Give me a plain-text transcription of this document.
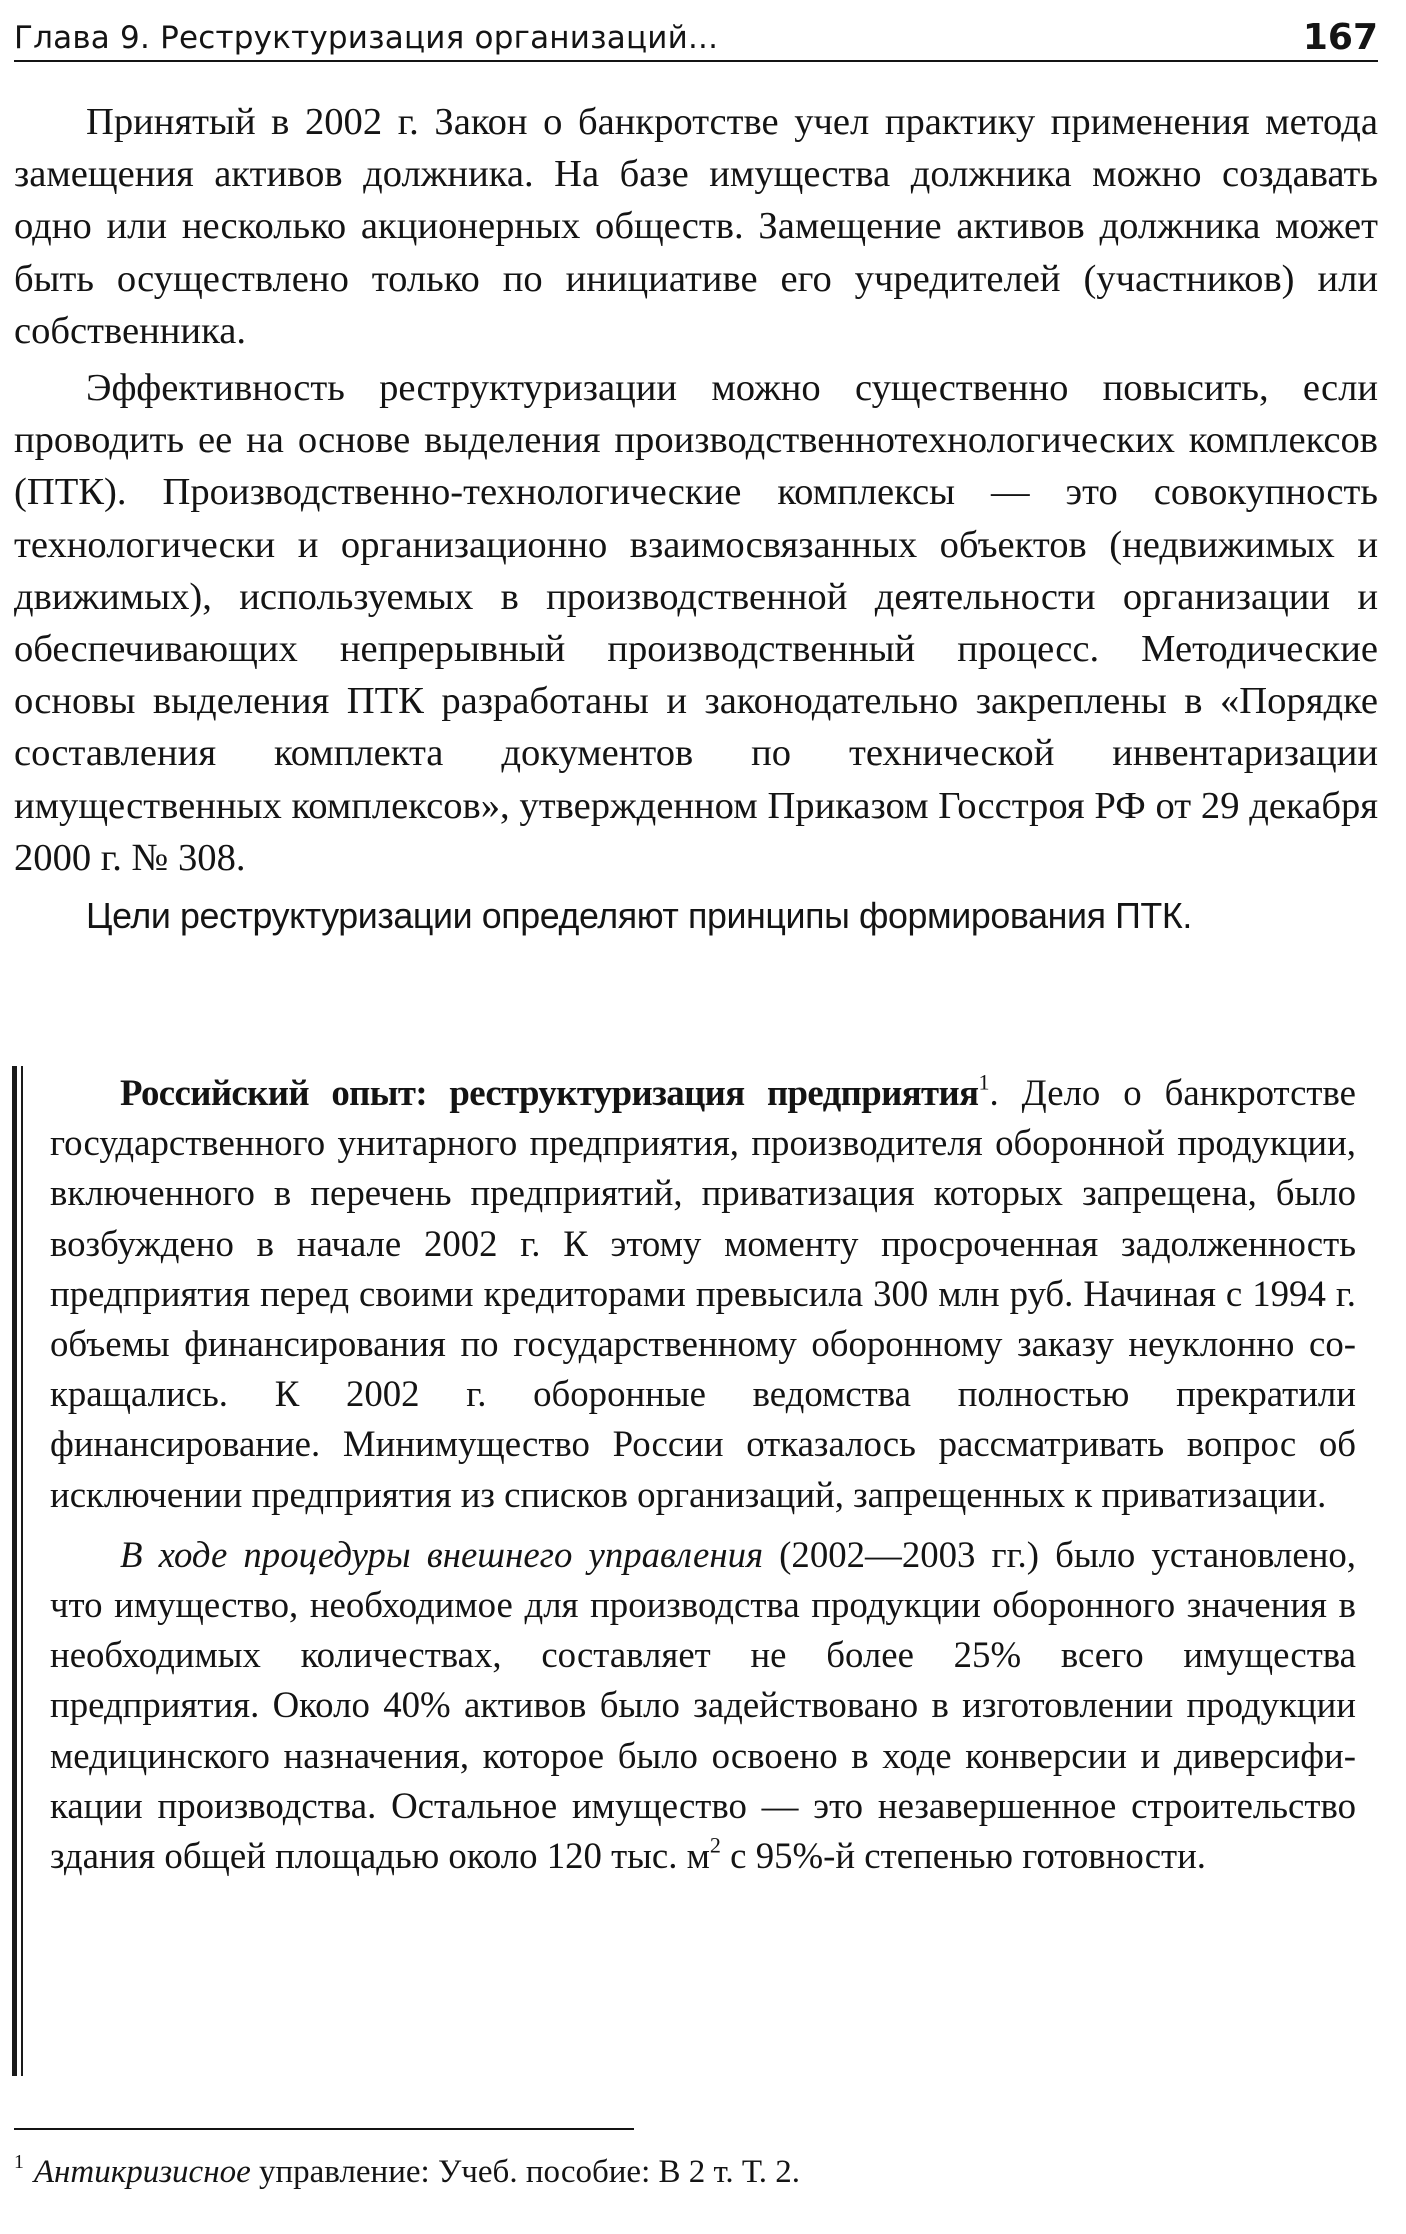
Глава 9. Реструктуризация организаций...	167

Принятый в 2002 г. Закон о банкротстве учел практику применения метода замещения активов должника. На базе имущества должника можно создавать одно или несколько акционерных обществ. Замещение активов должника может быть осуществлено только по инициативе его учредителей (участников) или собственника.

Эффективность реструктуризации можно существенно повысить, если проводить ее на основе выделения производственнотехнологических комплексов (ПТК). Производственно-технологические комплексы — это совокупность технологически и организационно взаимосвязанных объектов (недвижимых и движимых), используемых в производственной деятельности организации и обеспечивающих непрерывный производственный процесс. Методические основы выделения ПТК разработаны и законодательно закреплены в «Порядке составления комплекта документов по технической инвентаризации имущественных комплексов», утвержденном Приказом Госстроя РФ от 29 декабря 2000 г. № 308.

Цели реструктуризации определяют принципы формирования ПТК.

Российский опыт: реструктуризация предприятия$^1$. Дело о банкротстве государственного унитарного предприятия, производителя оборонной продукции, включенного в перечень предприятий, приватизация которых запрещена, было возбуждено в начале 2002 г. К этому моменту просроченная задолженность предприятия перед своими кредиторами превысила 300 млн руб. Начиная с 1994 г. объемы финансирования по государственному оборонному заказу неуклонно сокращались. К 2002 г. оборонные ведомства полностью прекратили финансирование. Минимущество России отказалось рассматривать вопрос об исключении предприятия из списков организаций, запрещенных к приватизации.

В ходе процедуры внешнего управления (2002—2003 гг.) было установлено, что имущество, необходимое для производства продукции оборонного значения в необходимых количествах, составляет не более 25% всего имущества предприятия. Около 40% активов было задействовано в изготовлении продукции медицинского назначения, которое было освоено в ходе конверсии и диверсификации производства. Остальное имущество — это незавершенное строительство здания общей площадью около 120 тыс. $м^2$ с 95%-й степенью готовности.

$^1$ Антикризисное управление: Учеб. пособие: В 2 т. Т. 2.
